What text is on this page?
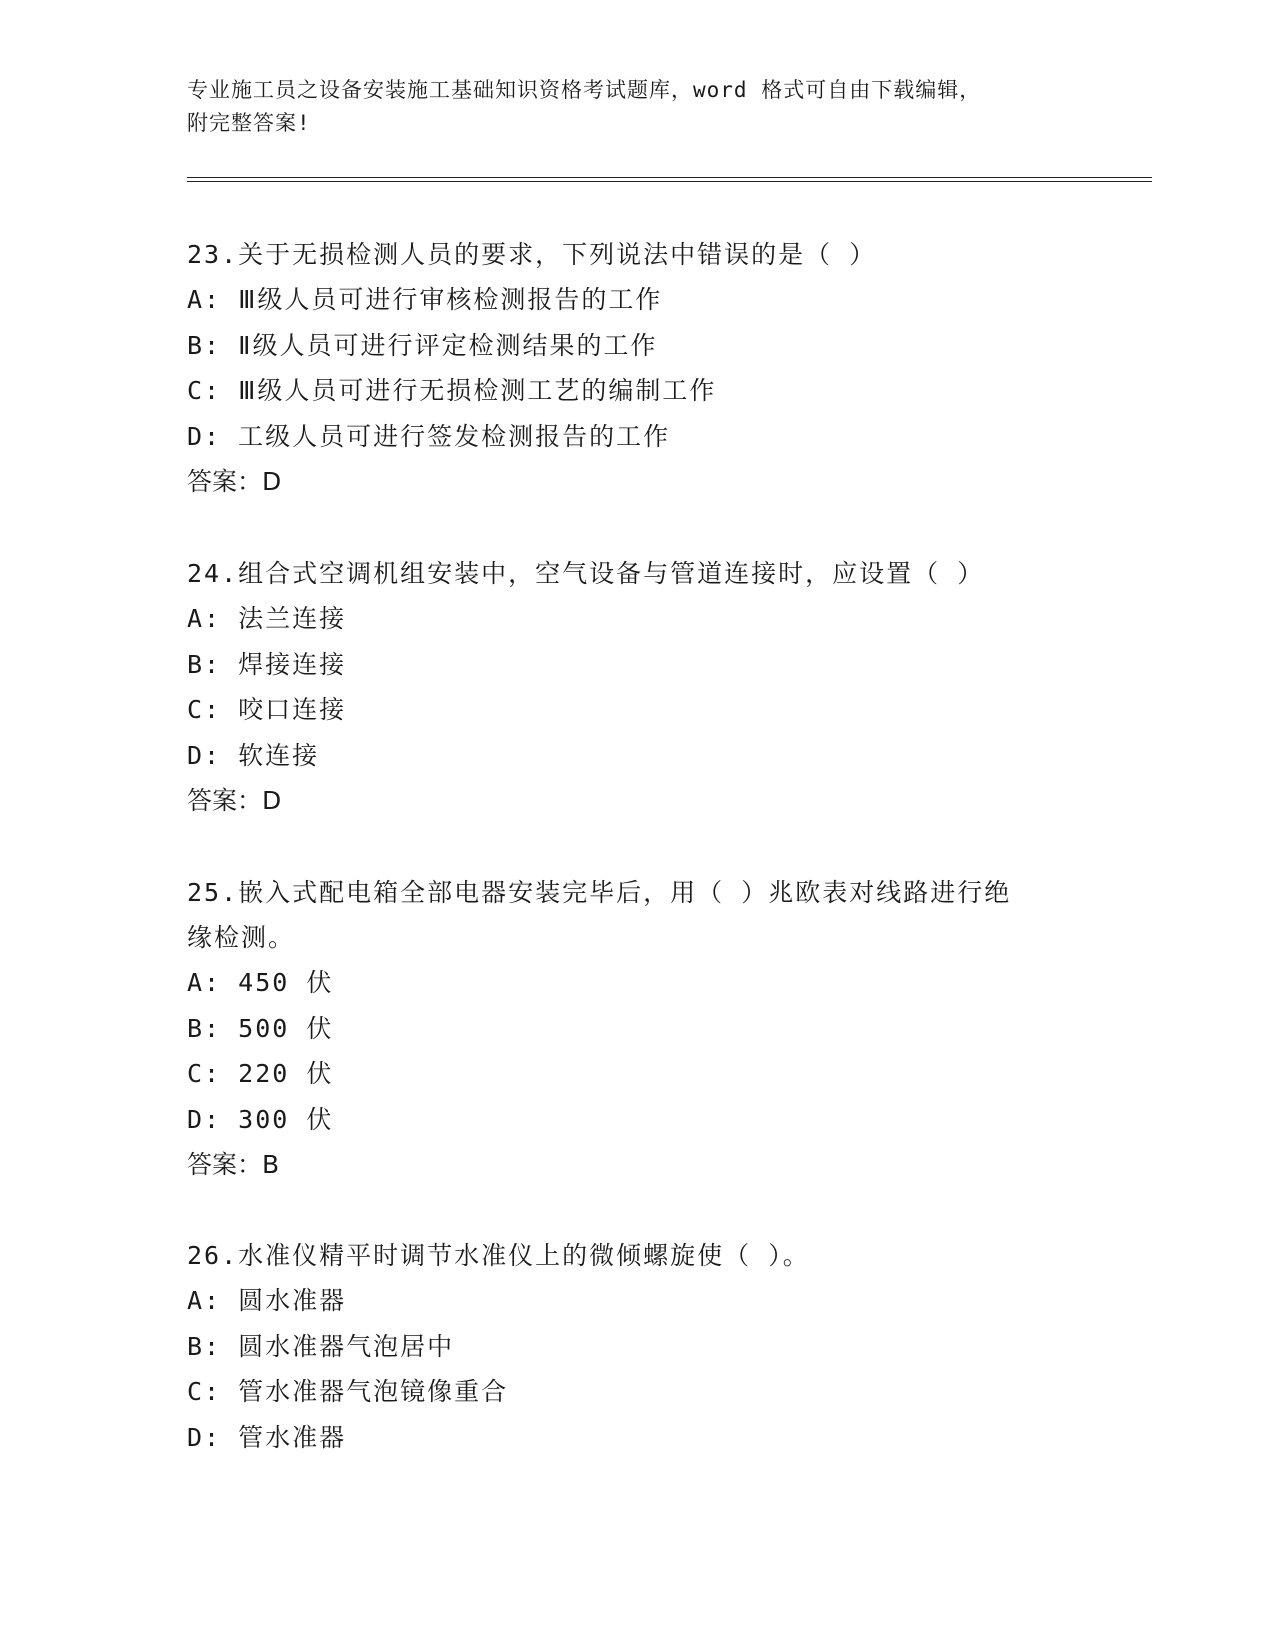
专业施工员之设备安装施工基础知识资格考试题库，word 格式可自由下载编辑，
附完整答案!

23.关于无损检测人员的要求，下列说法中错误的是（ ）

A: Ⅲ级人员可进行审核检测报告的工作

B: Ⅱ级人员可进行评定检测结果的工作

C: Ⅲ级人员可进行无损检测工艺的编制工作

D: 工级人员可进行签发检测报告的工作

答案：D

24.组合式空调机组安装中，空气设备与管道连接时，应设置（ ）

A: 法兰连接

B: 焊接连接

C: 咬口连接

D: 软连接

答案：D

25.嵌入式配电箱全部电器安装完毕后，用（ ）兆欧表对线路进行绝

缘检测。

A: 450 伏

B: 500 伏

C: 220 伏

D: 300 伏

答案：B

26.水准仪精平时调节水准仪上的微倾螺旋使（ ）。

A: 圆水准器

B: 圆水准器气泡居中

C: 管水准器气泡镜像重合

D: 管水准器
